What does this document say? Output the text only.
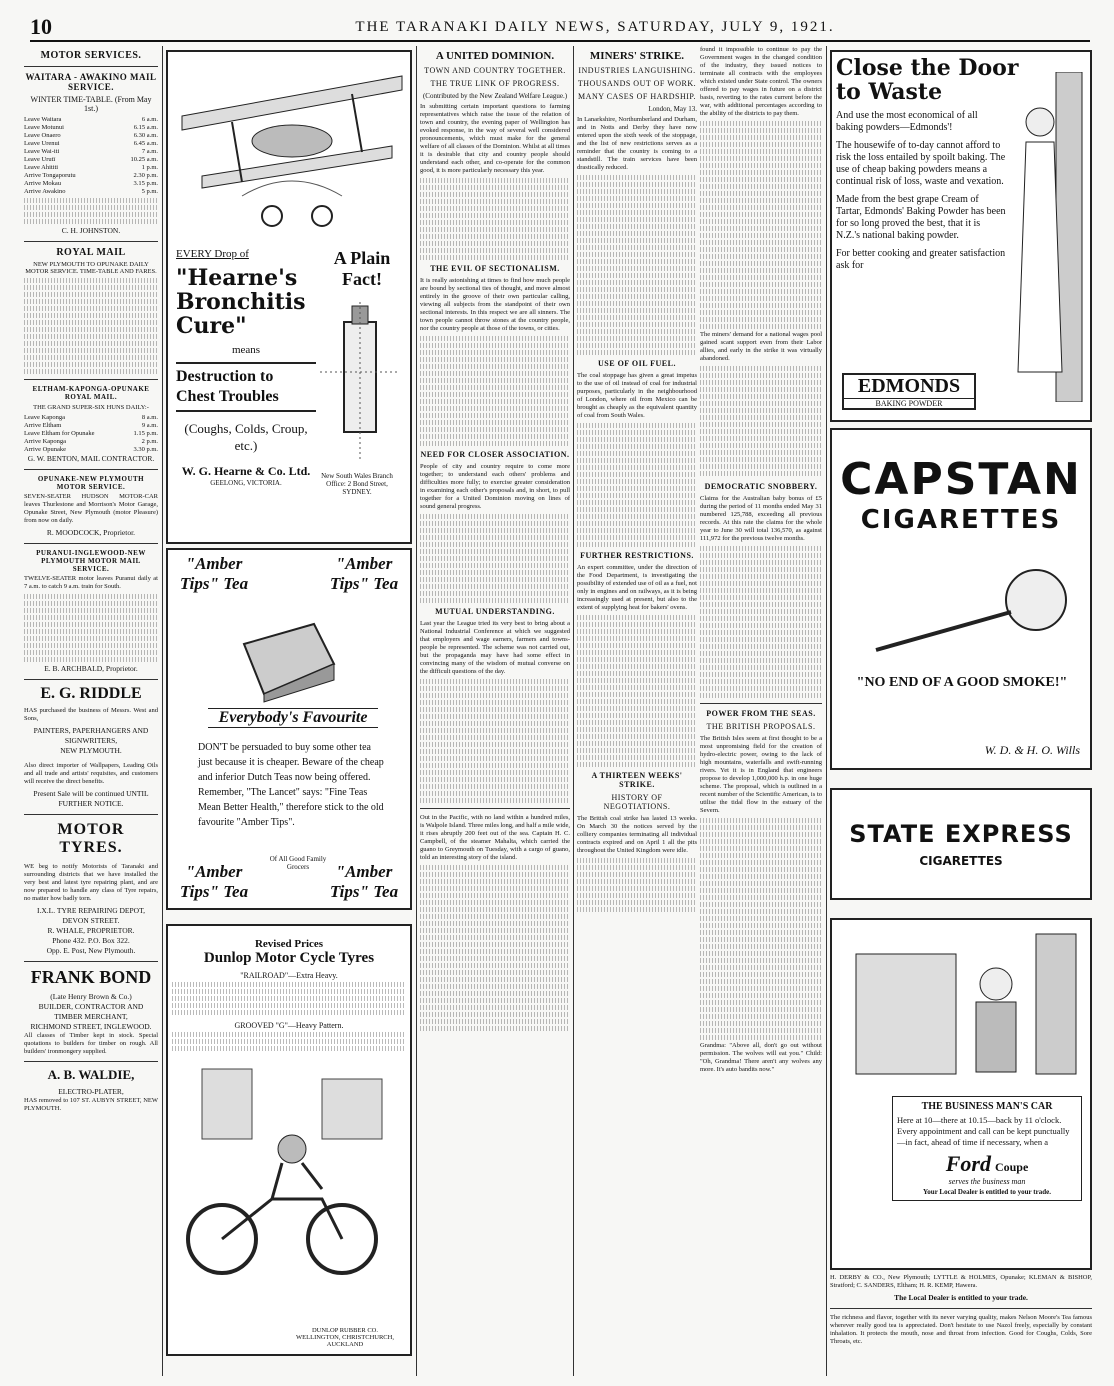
10	THE TARANAKI DAILY NEWS, SATURDAY, JULY 9, 1921.
MOTOR SERVICES.
WAITARA - AWAKINO MAIL SERVICE.
WINTER TIME-TABLE. (From May 1st.)
Leave Waitara	6 a.m.
Leave Motunui	6.15 a.m.
Leave Onaero	6.30 a.m.
Leave Urenui	6.45 a.m.
Leave Wai-iti	7 a.m.
Leave Urutī	10.25 a.m.
Leave Ahititi	1 p.m.
Arrive Tongaporutu	2.30 p.m.
Arrive Mokau	3.15 p.m.
Arrive Awakino	5 p.m.
C. H. JOHNSTON.
ROYAL MAIL
NEW PLYMOUTH TO OPUNAKE DAILY MOTOR SERVICE. TIME-TABLE AND FARES.
ELTHAM-KAPONGA-OPUNAKE ROYAL MAIL.
THE GRAND SUPER-SIX HUNS DAILY:-
Leave Kaponga	8 a.m.
Arrive Eltham	9 a.m.
Leave Eltham for Opunake	1.15 p.m.
Arrive Kaponga	2 p.m.
Arrive Opunake	3.30 p.m.
G. W. BENTON, MAIL CONTRACTOR.
OPUNAKE-NEW PLYMOUTH MOTOR SERVICE.

SEVEN-SEATER HUDSON MOTOR-CAR leaves Thurlestone and Morrison's Motor Garage, Opunake Street, New Plymouth (motor Pleasure) from now on daily.

R. MOODCOCK, Proprietor.
PURANUI-INGLEWOOD-NEW PLYMOUTH MOTOR MAIL SERVICE.

TWELVE-SEATER motor leaves Puranui daily at 7 a.m. to catch 9 a.m. train for South.

E. B. ARCHBALD, Proprietor.
E. G. RIDDLE

HAS purchased the business of Messrs. West and Sons,

PAINTERS, PAPERHANGERS AND SIGNWRITERS,
NEW PLYMOUTH.

Also direct importer of Wallpapers, Leading Oils and all trade and artists' requisites, and customers will receive the direct benefits.

Present Sale will be continued UNTIL FURTHER NOTICE.
MOTOR TYRES.

WE beg to notify Motorists of Taranaki and surrounding districts that we have installed the very best and latest tyre repairing plant, and are now prepared to handle any class of Tyre repairs, no matter how badly torn.

I.X.L. TYRE REPAIRING DEPOT, DEVON STREET.
R. WHALE, PROPRIETOR.
Phone 432. P.O. Box 322.
Opp. E. Post, New Plymouth.
FRANK BOND
(Late Henry Brown & Co.)
BUILDER, CONTRACTOR AND TIMBER MERCHANT,
RICHMOND STREET, INGLEWOOD.

All classes of Timber kept in stock. Special quotations to builders for timber on rough. All builders' ironmongery supplied.

A. B. WALDIE,
ELECTRO-PLATER,

HAS removed to 107 ST. AUBYN STREET, NEW PLYMOUTH.

EVERY Drop of
"Hearne's Bronchitis Cure"
means
Destruction to Chest Troubles
(Coughs, Colds, Croup, etc.)
W. G. Hearne & Co. Ltd.
GEELONG, VICTORIA.
A Plain Fact!
New South Wales Branch Office: 2 Bond Street, SYDNEY.
"Amber Tips" Tea
"Amber Tips" Tea
Everybody's Favourite
DON'T be persuaded to buy some other tea just because it is cheaper. Beware of the cheap and inferior Dutch Teas now being offered. Remember, "The Lancet" says: "Fine Teas Mean Better Health," therefore stick to the old favourite "Amber Tips".
Of All Good Family Grocers
"Amber Tips" Tea
"Amber Tips" Tea
Revised Prices
Dunlop Motor Cycle Tyres
"RAILROAD"—Extra Heavy.
GROOVED "G"—Heavy Pattern.
DUNLOP RUBBER CO. WELLINGTON, CHRISTCHURCH, AUCKLAND
A UNITED DOMINION.
TOWN AND COUNTRY TOGETHER.
THE TRUE LINK OF PROGRESS.
(Contributed by the New Zealand Welfare League.)

In submitting certain important questions to farming representatives which raise the issue of the relation of town and country, the evening paper of Wellington has evoked response, in the way of several well considered pronouncements, which must make for the general welfare of all classes of the Dominion. Whilst at all times it is desirable that city and country people should understand each other, and co-operate for the common good, it is more particularly necessary this year.

THE EVIL OF SECTIONALISM.

It is really astonishing at times to find how much people are bound by sectional ties of thought, and move almost entirely in the groove of their own particular calling, viewing all subjects from the standpoint of their own sectional interests. In this respect we are all sinners. The town people cannot throw stones at the country people, nor the country people at those of the towns, or cities.

NEED FOR CLOSER ASSOCIATION.

People of city and country require to come more together; to understand each others' problems and difficulties more fully; to exercise greater consideration in examining each other's proposals and, in short, to pull together for a United Dominion moving on lines of sound general progress.

MUTUAL UNDERSTANDING.

Last year the League tried its very best to bring about a National Industrial Conference at which we suggested that employers and wage earners, farmers and towns-people be represented. The scheme was not carried out, but the propaganda may have had some effect in convincing many of the wisdom of mutual converse on the difficult questions of the day.

Out in the Pacific, with no land within a hundred miles, is Walpole Island. Three miles long, and half a mile wide, it rises abruptly 200 feet out of the sea. Captain H. C. Campbell, of the steamer Mahalta, which carried the guano to Greymouth on Tuesday, with a cargo of guano, told an interesting story of the island.

MINERS' STRIKE.
INDUSTRIES LANGUISHING.
THOUSANDS OUT OF WORK.
MANY CASES OF HARDSHIP.
London, May 13.

In Lanarkshire, Northumberland and Durham, and in Notts and Derby they have now entered upon the sixth week of the stoppage, and the list of new restrictions serves as a reminder that the country is coming to a standstill. The train services have been drastically reduced.

USE OF OIL FUEL.

The coal stoppage has given a great impetus to the use of oil instead of coal for industrial purposes, particularly in the neighbourhood of London, where oil from Mexico can be brought as cheaply as the equivalent quantity of coal from South Wales.

FURTHER RESTRICTIONS.

An expert committee, under the direction of the Food Department, is investigating the possibility of extended use of oil as a fuel, not only in engines and on railways, as it is being increasingly used at present, but also to the extent of supplying heat for bakers' ovens.

A THIRTEEN WEEKS' STRIKE.
HISTORY OF NEGOTIATIONS.

The British coal strike has lasted 13 weeks. On March 30 the notices served by the colliery companies terminating all individual contracts expired and on April 1 all the pits throughout the United Kingdom were idle.

found it impossible to continue to pay the Government wages in the changed condition of the industry, they issued notices to terminate all contracts with the employees which existed under State control. The owners offered to pay wages in future on a district basis, reverting to the rates current before the war, with additional percentages according to the ability of the districts to pay them.

The miners' demand for a national wages pool gained scant support even from their Labor allies, and early in the strike it was virtually abandoned.

DEMOCRATIC SNOBBERY.

Claims for the Australian baby bonus of £5 during the period of 11 months ended May 31 numbered 125,788, exceeding all previous records. At this rate the claims for the whole year to June 30 will total 136,570, as against 111,972 for the previous twelve months.

POWER FROM THE SEAS.
THE BRITISH PROPOSALS.

The British Isles seem at first thought to be a most unpromising field for the creation of hydro-electric power, owing to the lack of high mountains, waterfalls and swift-running rivers. Yet it is in England that engineers propose to develop 1,000,000 h.p. in one huge scheme. The proposal, which is outlined in a recent number of the Scientific American, is to utilise the tidal flow in the estuary of the Severn.

Grandma: "Above all, don't go out without permission. The wolves will eat you." Child: "Oh, Grandma! There aren't any wolves any more. It's auto bandits now."

Close the Door
to Waste
And use the most economical of all baking powders—Edmonds'!
The housewife of to-day cannot afford to risk the loss entailed by spoilt baking. The use of cheap baking powders means a continual risk of loss, waste and vexation.
Made from the best grape Cream of Tartar, Edmonds' Baking Powder has been for so long proved the best, that it is N.Z.'s national baking powder.
For better cooking and greater satisfaction ask for
EDMONDS
BAKING POWDER
CAPSTAN
CIGARETTES
"NO END OF A GOOD SMOKE!"
W. D. & H. O. Wills
STATE EXPRESS
CIGARETTES
THE BUSINESS MAN'S CAR
Here at 10—there at 10.15—back by 11 o'clock. Every appointment and call can be kept punctually—in fact, ahead of time if necessary, when a
Ford Coupe
serves the business man
Your Local Dealer is entitled to your trade.

H. DERBY & CO., New Plymouth; LYTTLE & HOLMES, Opunake; KLEMAN & BISHOP, Stratford; C. SANDERS, Eltham; H. R. KEMP, Hawera.

The Local Dealer is entitled to your trade.

The richness and flavor, together with its never varying quality, makes Nelson Moore's Tea famous wherever really good tea is appreciated. Don't hesitate to use Nazol freely, especially by constant inhalation. It protects the mouth, nose and throat from infection. Good for Coughs, Colds, Sore Throats, etc.
